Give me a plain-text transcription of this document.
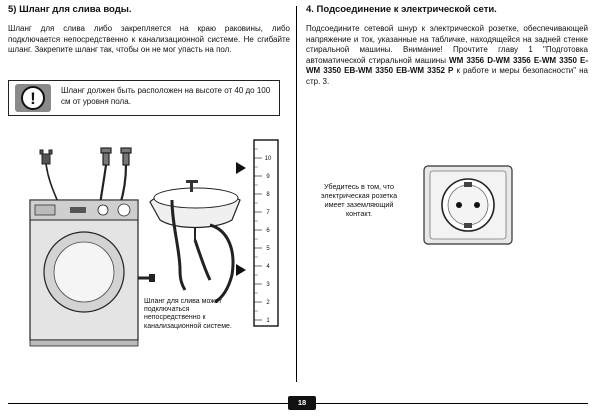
5) Шланг для слива воды.
Шланг для слива либо закрепляется на краю раковины, либо подключается непосредственно к канализационной системе. Не сгибайте шланг. Закрепите шланг так, чтобы он не мог упасть на пол.
!	Шланг должен быть расположен на высоте от 40 до 100 см от уровня пола.
10
9
8
7
6
5
4
3
2
1
Шланг для слива может подключаться непосредственно к канализационной системе.
4. Подсоединение к электрической сети.
Подсоедините сетевой шнур к электрической розетке, обеспечивающей напряжение и ток, указанные на табличке, находящейся на задней стенке стиральной машины. Внимание! Прочтите главу 1 "Подготовка автоматической стиральной машины WM 3356 D-WM 3356 E-WM 3350 E-WM 3350 EB-WM 3350 EB-WM 3352 P к работе и меры безопасности" на стр. 3.
Убедитесь в том, что электрическая розетка имеет заземляющий контакт.
18
